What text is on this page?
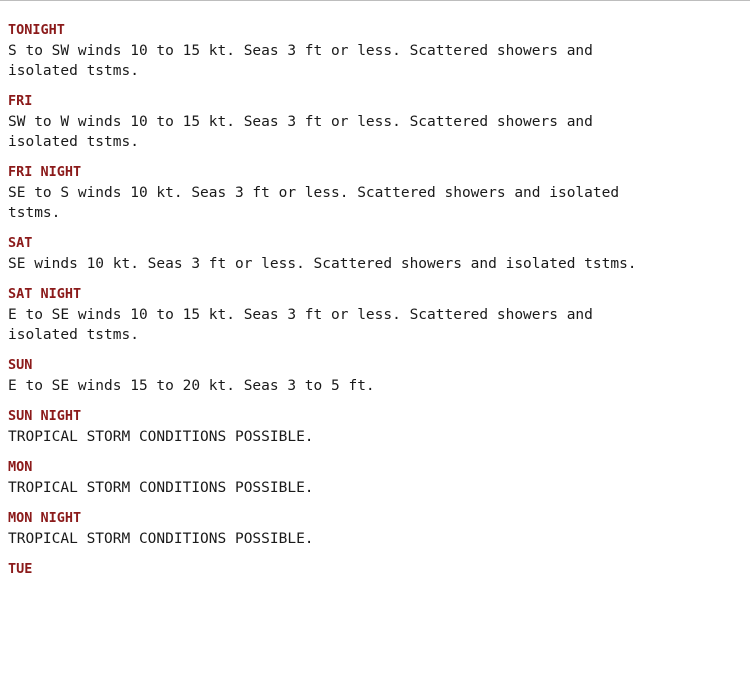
TONIGHT
S to SW winds 10 to 15 kt. Seas 3 ft or less. Scattered showers and isolated tstms.
FRI
SW to W winds 10 to 15 kt. Seas 3 ft or less. Scattered showers and isolated tstms.
FRI NIGHT
SE to S winds 10 kt. Seas 3 ft or less. Scattered showers and isolated tstms.
SAT
SE winds 10 kt. Seas 3 ft or less. Scattered showers and isolated tstms.
SAT NIGHT
E to SE winds 10 to 15 kt. Seas 3 ft or less. Scattered showers and isolated tstms.
SUN
E to SE winds 15 to 20 kt. Seas 3 to 5 ft.
SUN NIGHT
TROPICAL STORM CONDITIONS POSSIBLE.
MON
TROPICAL STORM CONDITIONS POSSIBLE.
MON NIGHT
TROPICAL STORM CONDITIONS POSSIBLE.
TUE
